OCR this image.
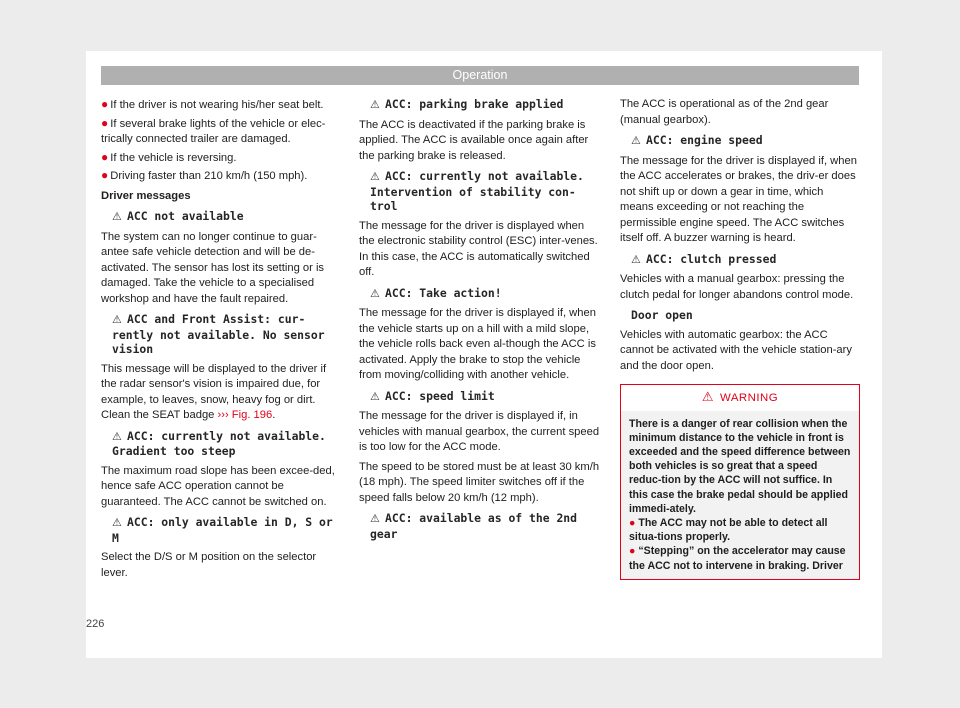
Operation
● If the driver is not wearing his/her seat belt.
● If several brake lights of the vehicle or elec-trically connected trailer are damaged.
● If the vehicle is reversing.
● Driving faster than 210 km/h (150 mph).
Driver messages
⚠ ACC not available

The system can no longer continue to guar-antee safe vehicle detection and will be de-activated. The sensor has lost its setting or is damaged. Take the vehicle to a specialised workshop and have the fault repaired.

⚠ ACC and Front Assist: cur-rently not available. No sensor vision

This message will be displayed to the driver if the radar sensor's vision is impaired due, for example, to leaves, snow, heavy fog or dirt. Clean the SEAT badge ››› Fig. 196.

⚠ ACC: currently not available. Gradient too steep

The maximum road slope has been excee-ded, hence safe ACC operation cannot be guaranteed. The ACC cannot be switched on.

⚠ ACC: only available in D, S or M

Select the D/S or M position on the selector lever.

⚠ ACC: parking brake applied

The ACC is deactivated if the parking brake is applied. The ACC is available once again after the parking brake is released.

⚠ ACC: currently not available. Intervention of stability con-trol

The message for the driver is displayed when the electronic stability control (ESC) inter-venes. In this case, the ACC is automatically switched off.

⚠ ACC: Take action!

The message for the driver is displayed if, when the vehicle starts up on a hill with a mild slope, the vehicle rolls back even al-though the ACC is activated. Apply the brake to stop the vehicle from moving/colliding with another vehicle.

⚠ ACC: speed limit

The message for the driver is displayed if, in vehicles with manual gearbox, the current speed is too low for the ACC mode.

The speed to be stored must be at least 30 km/h (18 mph). The speed limiter switches off if the speed falls below 20 km/h (12 mph).

⚠ ACC: available as of the 2nd gear

The ACC is operational as of the 2nd gear (manual gearbox).

⚠ ACC: engine speed

The message for the driver is displayed if, when the ACC accelerates or brakes, the driv-er does not shift up or down a gear in time, which means exceeding or not reaching the permissible engine speed. The ACC switches itself off. A buzzer warning is heard.

⚠ ACC: clutch pressed

Vehicles with a manual gearbox: pressing the clutch pedal for longer abandons control mode.

Door open

Vehicles with automatic gearbox: the ACC cannot be activated with the vehicle station-ary and the door open.

⚠ WARNING
There is a danger of rear collision when the minimum distance to the vehicle in front is exceeded and the speed difference between both vehicles is so great that a speed reduc-tion by the ACC will not suffice. In this case the brake pedal should be applied immedi-ately.
● The ACC may not be able to detect all situa-tions properly.
● “Stepping” on the accelerator may cause the ACC not to intervene in braking. Driver
226
